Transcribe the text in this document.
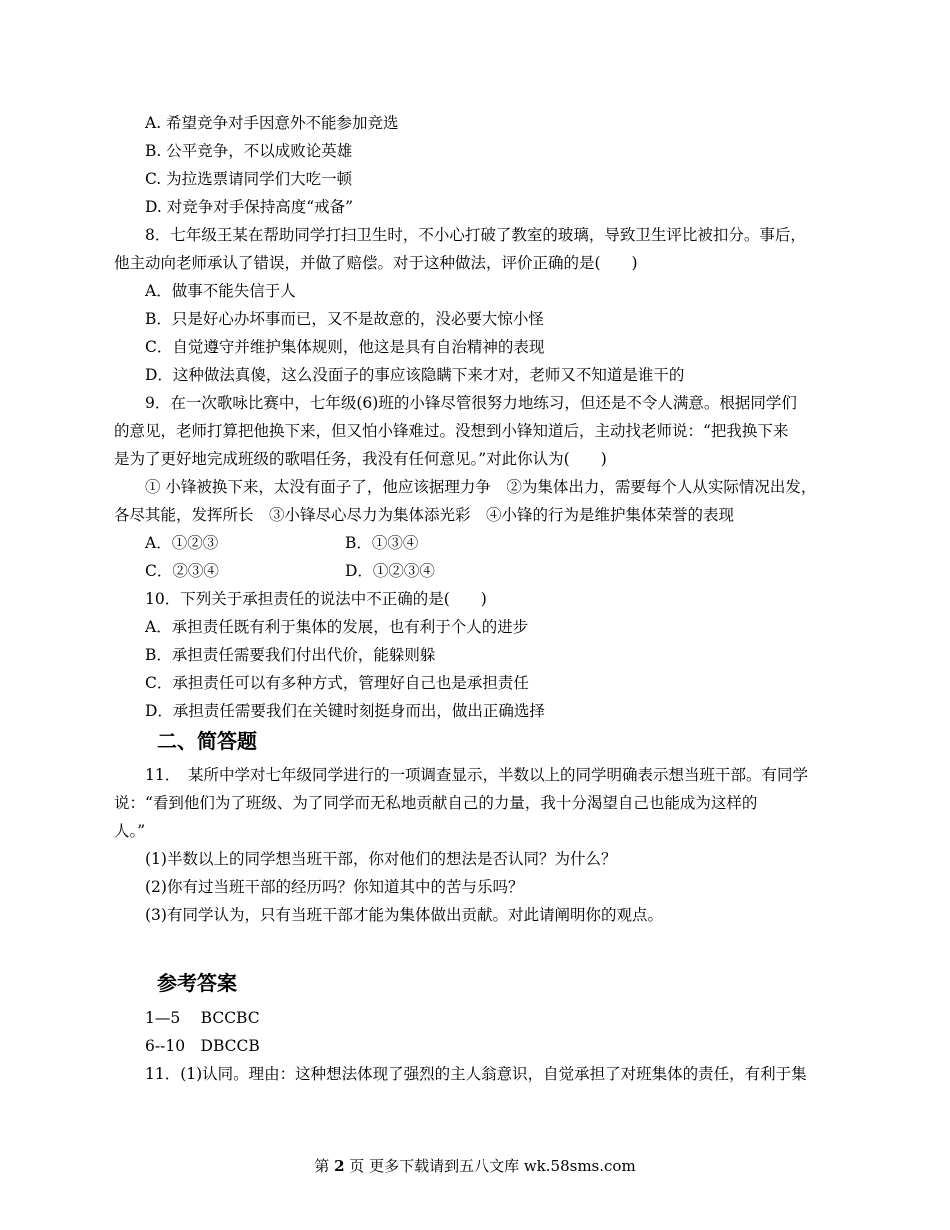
A. 希望竞争对手因意外不能参加竞选
B. 公平竞争，不以成败论英雄
C. 为拉选票请同学们大吃一顿
D. 对竞争对手保持高度“戒备”
8．七年级王某在帮助同学打扫卫生时，不小心打破了教室的玻璃，导致卫生评比被扣分。事后，
他主动向老师承认了错误，并做了赔偿。对于这种做法，评价正确的是(　　)
A．做事不能失信于人
B．只是好心办坏事而已，又不是故意的，没必要大惊小怪
C．自觉遵守并维护集体规则，他这是具有自治精神的表现
D．这种做法真傻，这么没面子的事应该隐瞒下来才对，老师又不知道是谁干的
9．在一次歌咏比赛中，七年级(6)班的小锋尽管很努力地练习，但还是不令人满意。根据同学们
的意见，老师打算把他换下来，但又怕小锋难过。没想到小锋知道后，主动找老师说：“把我换下来
是为了更好地完成班级的歌唱任务，我没有任何意见。”对此你认为(　　)
① 小锋被换下来，太没有面子了，他应该据理力争　②为集体出力，需要每个人从实际情况出发，
各尽其能，发挥所长　③小锋尽心尽力为集体添光彩　④小锋的行为是维护集体荣誉的表现
A．①②③	B．①③④
C．②③④	D．①②③④
10．下列关于承担责任的说法中不正确的是(　　)
A．承担责任既有利于集体的发展，也有利于个人的进步
B．承担责任需要我们付出代价，能躲则躲
C．承担责任可以有多种方式，管理好自己也是承担责任
D．承担责任需要我们在关键时刻挺身而出，做出正确选择
二、简答题
11．　某所中学对七年级同学进行的一项调查显示，半数以上的同学明确表示想当班干部。有同学
说：“看到他们为了班级、为了同学而无私地贡献自己的力量，我十分渴望自己也能成为这样的
人。”
(1)半数以上的同学想当班干部，你对他们的想法是否认同？为什么？
(2)你有过当班干部的经历吗？你知道其中的苦与乐吗？
(3)有同学认为，只有当班干部才能为集体做出贡献。对此请阐明你的观点。
参考答案
1—5　 BCCBC
6--10　DBCCB
11．(1)认同。理由：这种想法体现了强烈的主人翁意识，自觉承担了对班集体的责任，有利于集
第 2 页 更多下载请到五八文库 wk.58sms.com
